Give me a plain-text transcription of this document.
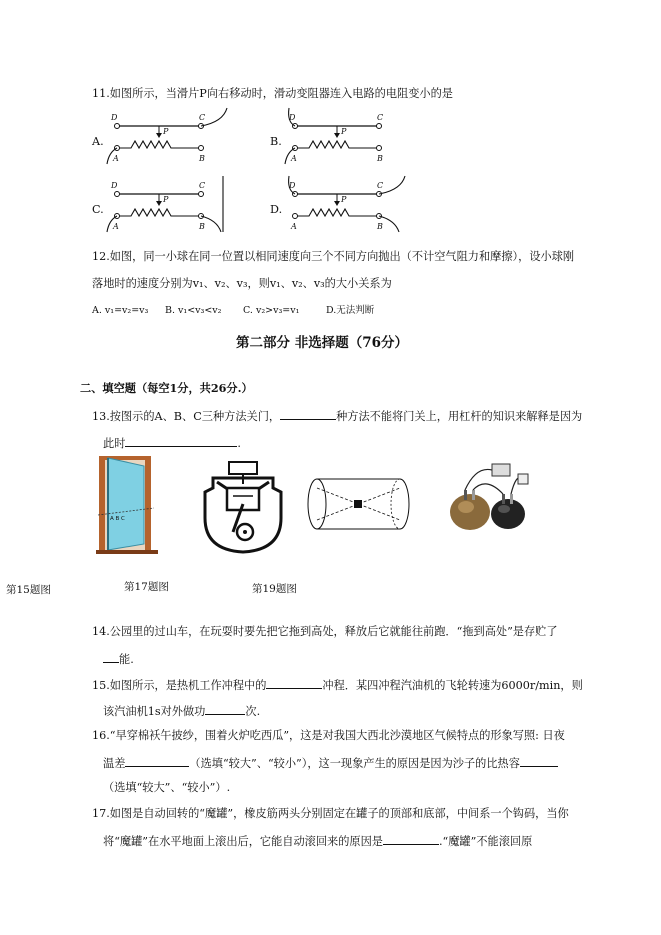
11.如图所示，当滑片P向右移动时，滑动变阻器连入电路的电阻变小的是
A.
D	C
P
A	B
B.
D	C
P
A	B
C.
D	C
P
A	B
D.
D	C
P
A	B
12.如图，同一小球在同一位置以相同速度向三个不同方向抛出（不计空气阻力和摩擦），设小球刚
落地时的速度分别为v₁、v₂、v₃，则v₁、v₂、v₃的大小关系为
A. v₁=v₂=v₃ B. v₁<v₃<v₂ C. v₂>v₃=v₁	D.无法判断
第二部分 非选择题（76分）
二、填空题（每空1分，共26分.）
13.按图示的A、B、C三种方法关门，	种方法不能将门关上，用杠杆的知识来解释是因为
此时	.
A B C
第15题图	第17题图	第19题图
14.公园里的过山车，在玩耍时要先把它拖到高处，释放后它就能往前跑．“拖到高处”是存贮了
能.
15.如图所示，是热机工作冲程中的	冲程．某四冲程汽油机的飞轮转速为6000r/min，则
该汽油机1s对外做功	次.
16.“早穿棉袄午披纱，围着火炉吃西瓜”，这是对我国大西北沙漠地区气候特点的形象写照: 日夜
温差	（选填“较大”、“较小”），这一现象产生的原因是因为沙子的比热容
（选填“较大”、“较小”）.
17.如图是自动回转的“魔罐”，橡皮筋两头分别固定在罐子的顶部和底部，中间系一个钩码，当你
将“魔罐”在水平地面上滚出后，它能自动滚回来的原因是	.“魔罐”不能滚回原
